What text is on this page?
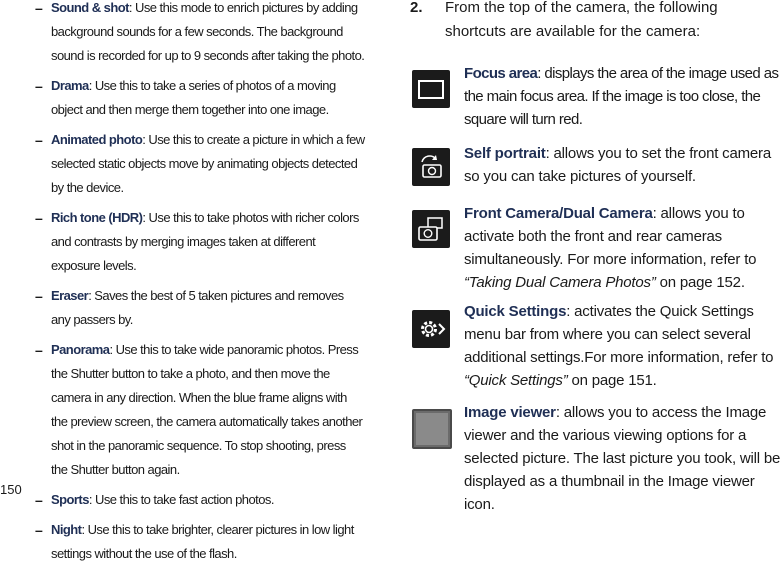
– Sound & shot: Use this mode to enrich pictures by adding background sounds for a few seconds. The background sound is recorded for up to 9 seconds after taking the photo.
– Drama: Use this to take a series of photos of a moving object and then merge them together into one image.
– Animated photo: Use this to create a picture in which a few selected static objects move by animating objects detected by the device.
– Rich tone (HDR): Use this to take photos with richer colors and contrasts by merging images taken at different exposure levels.
– Eraser: Saves the best of 5 taken pictures and removes any passers by.
– Panorama: Use this to take wide panoramic photos. Press the Shutter button to take a photo, and then move the camera in any direction. When the blue frame aligns with the preview screen, the camera automatically takes another shot in the panoramic sequence. To stop shooting, press the Shutter button again.
– Sports: Use this to take fast action photos.
– Night: Use this to take brighter, clearer pictures in low light settings without the use of the flash.
2.	From the top of the camera, the following shortcuts are available for the camera:
Focus area: displays the area of the image used as the main focus area. If the image is too close, the square will turn red.
Self portrait: allows you to set the front camera so you can take pictures of yourself.
Front Camera/Dual Camera: allows you to activate both the front and rear cameras simultaneously. For more information, refer to “Taking Dual Camera Photos” on page 152.
Quick Settings: activates the Quick Settings menu bar from where you can select several additional settings.For more information, refer to “Quick Settings” on page 151.
Image viewer: allows you to access the Image viewer and the various viewing options for a selected picture. The last picture you took, will be displayed as a thumbnail in the Image viewer icon.
150
